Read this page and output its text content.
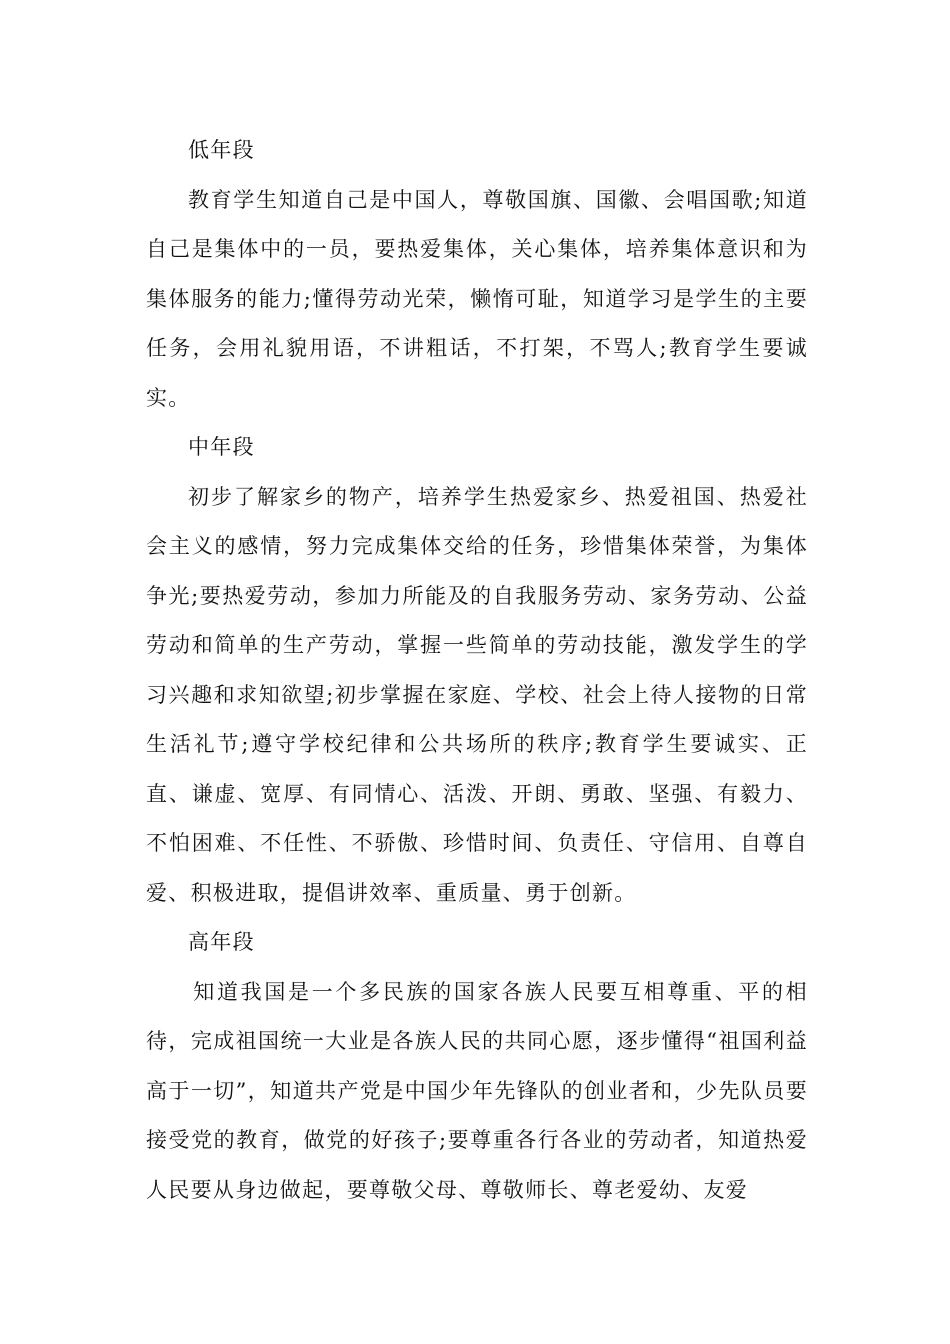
低年段

教育学生知道自己是中国人，尊敬国旗、国徽、会唱国歌;知道自己是集体中的一员，要热爱集体，关心集体，培养集体意识和为集体服务的能力;懂得劳动光荣，懒惰可耻，知道学习是学生的主要任务，会用礼貌用语，不讲粗话，不打架，不骂人;教育学生要诚实。

中年段

初步了解家乡的物产，培养学生热爱家乡、热爱祖国、热爱社会主义的感情，努力完成集体交给的任务，珍惜集体荣誉，为集体争光;要热爱劳动，参加力所能及的自我服务劳动、家务劳动、公益劳动和简单的生产劳动，掌握一些简单的劳动技能，激发学生的学习兴趣和求知欲望;初步掌握在家庭、学校、社会上待人接物的日常生活礼节;遵守学校纪律和公共场所的秩序;教育学生要诚实、正直、谦虚、宽厚、有同情心、活泼、开朗、勇敢、坚强、有毅力、不怕困难、不任性、不骄傲、珍惜时间、负责任、守信用、自尊自爱、积极进取，提倡讲效率、重质量、勇于创新。

高年段

知道我国是一个多民族的国家各族人民要互相尊重、平的相待，完成祖国统一大业是各族人民的共同心愿，逐步懂得“祖国利益高于一切”，知道共产党是中国少年先锋队的创业者和，少先队员要接受党的教育，做党的好孩子;要尊重各行各业的劳动者，知道热爱人民要从身边做起，要尊敬父母、尊敬师长、尊老爱幼、友爱
